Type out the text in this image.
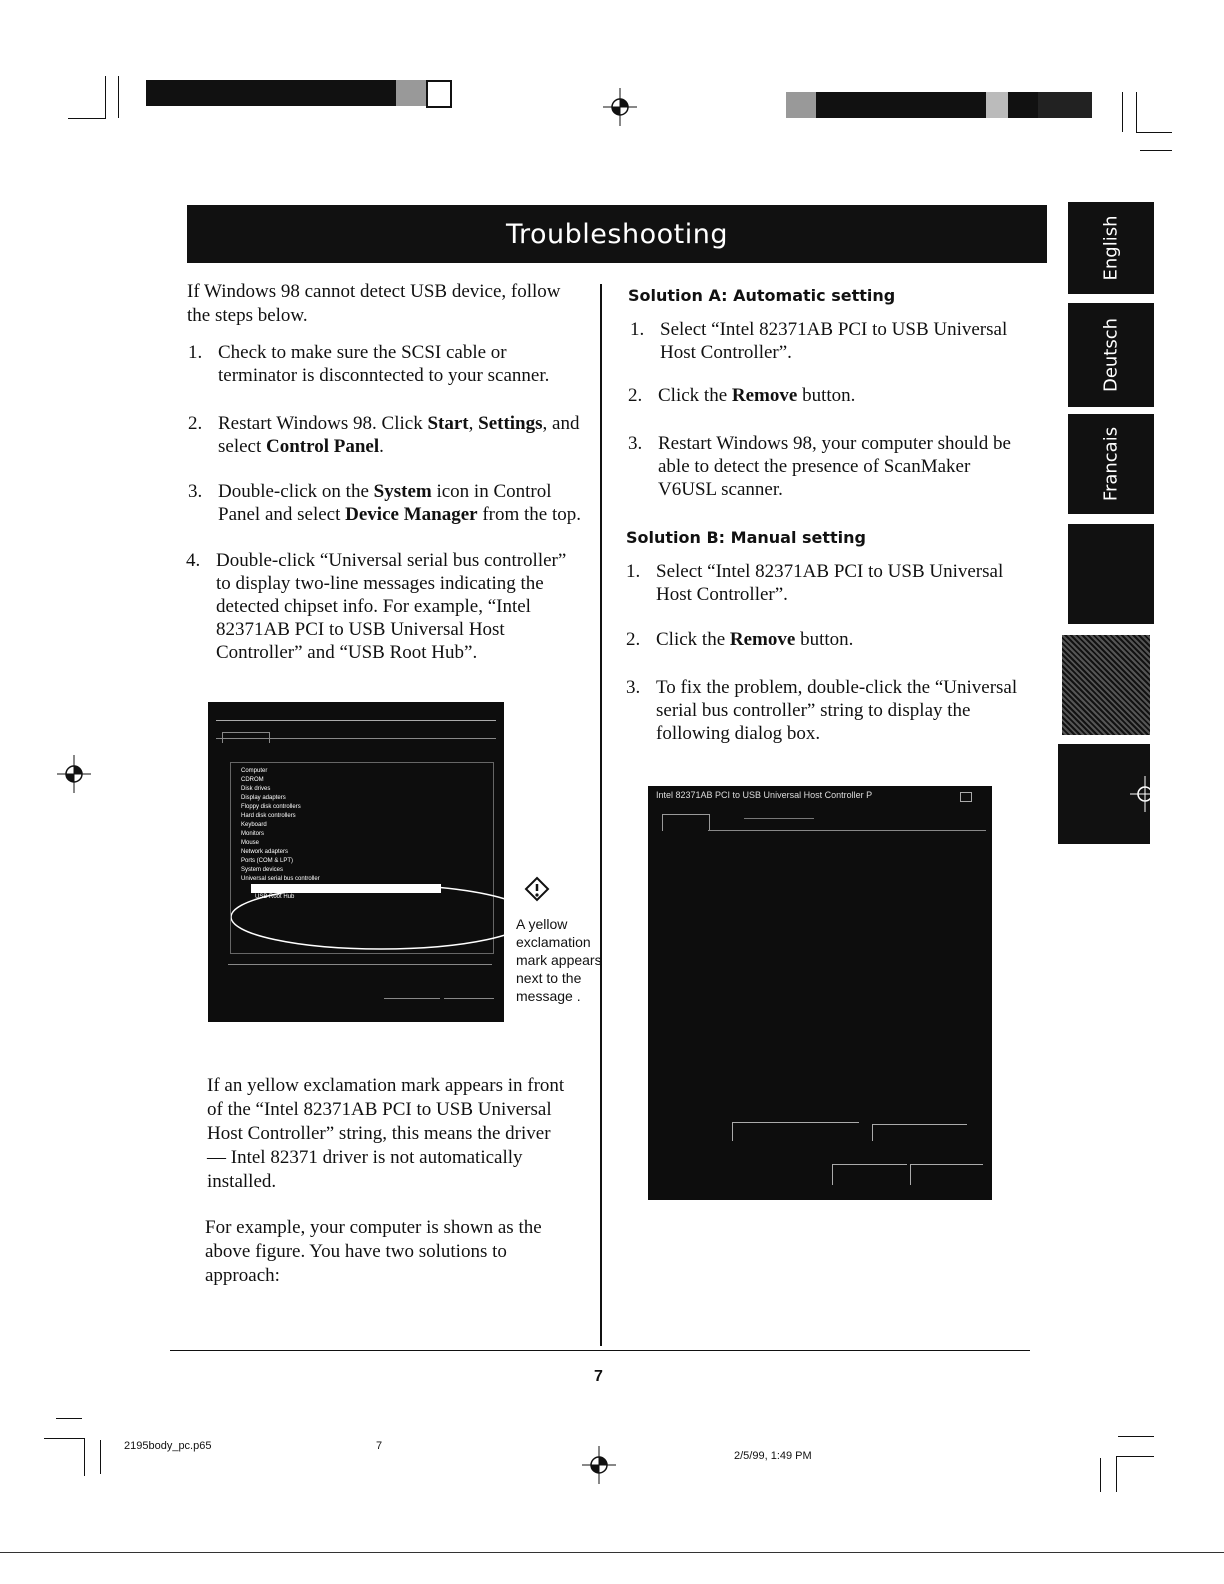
Troubleshooting	English
Deutsch
Francais
If Windows 98 cannot detect USB device, follow the steps below.
1. Check to make sure the SCSI cable or
terminator is disconntected to your scanner.
2. Restart Windows 98. Click Start, Settings, and
select Control Panel.
3. Double-click on the System icon in Control
Panel and select Device Manager from the top.
4. Double-click “Universal serial bus controller”
to display two-line messages indicating the
detected chipset info. For example, “Intel
82371AB PCI to USB Universal Host
Controller” and “USB Root Hub”.
Computer
CDROM
Disk drives
Display adapters
Floppy disk controllers
Hard disk controllers
Keyboard
Monitors
Mouse
Network adapters
Ports (COM & LPT)
System devices
Universal serial bus controller
USB Root Hub
A yellow
exclamation
mark appears
next to the
message .
If an yellow exclamation mark appears in front
of the “Intel 82371AB PCI to USB Universal
Host Controller” string, this means the driver
— Intel 82371 driver is not automatically
installed.
For example, your computer is shown as the
above figure. You have two solutions to
approach:
Solution A: Automatic setting
1. Select “Intel 82371AB PCI to USB Universal
Host Controller”.
2. Click the Remove button.
3. Restart Windows 98, your computer should be
able to detect the presence of ScanMaker
V6USL scanner.
Solution B: Manual setting
1. Select “Intel 82371AB PCI to USB Universal
Host Controller”.
2. Click the Remove button.
3. To fix the problem, double-click the “Universal
serial bus controller” string to display the
following dialog box.
Intel 82371AB PCI to USB Universal Host Controller P
7
2195body_pc.p65	7
2/5/99, 1:49 PM
